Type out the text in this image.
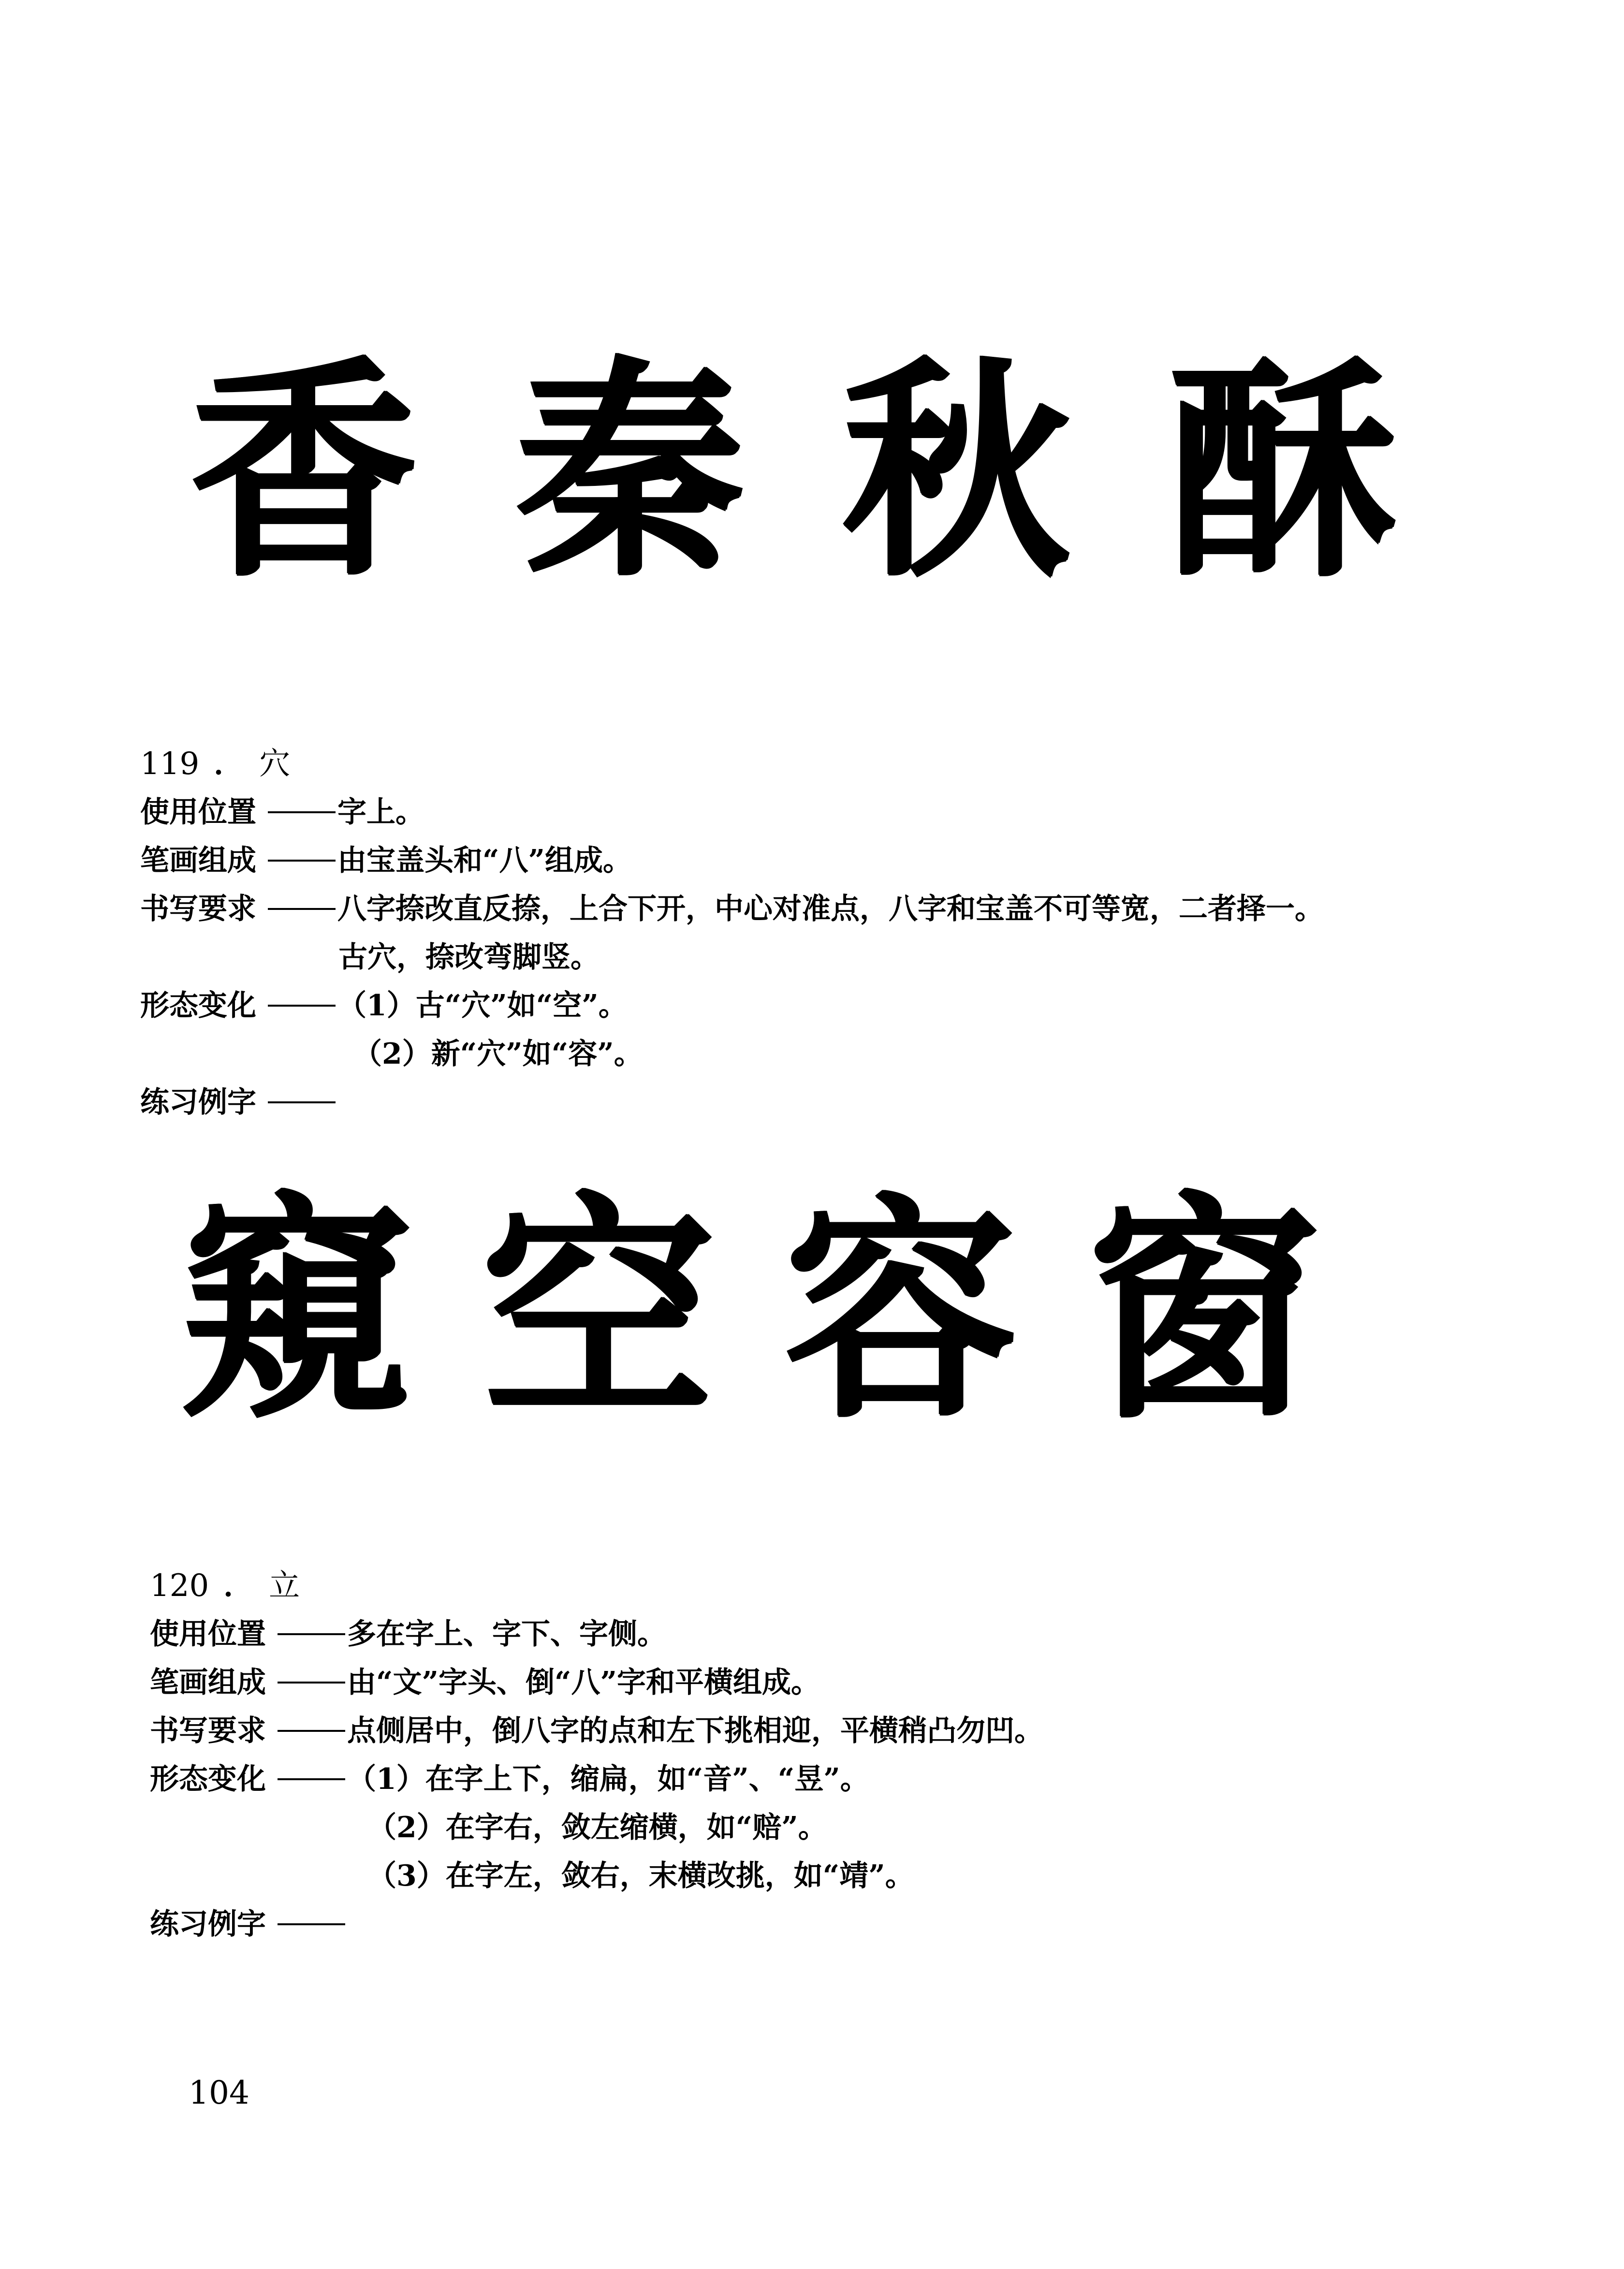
香 秦 秋 酥
119 ． 穴
使用位置	字上。
笔画组成	由宝盖头和“八”组成。
书写要求	八字捺改直反捺，上合下开，中心对准点，八字和宝盖不可等宽，二者择一。
古穴，捺改弯脚竖。
形态变化	（1）古“穴”如“空”。
（2）新“穴”如“容”。
练习例字
窺 空 容 窗
120 ． 立
使用位置	多在字上、字下、字侧。
笔画组成	由“文”字头、倒“八”字和平横组成。
书写要求	点侧居中，倒八字的点和左下挑相迎，平横稍凸勿凹。
形态变化	（1）在字上下，缩扁，如“音”、“昱”。
（2）在字右，敛左缩横，如“赔”。
（3）在字左，敛右，末横改挑，如“靖”。
练习例字
104
